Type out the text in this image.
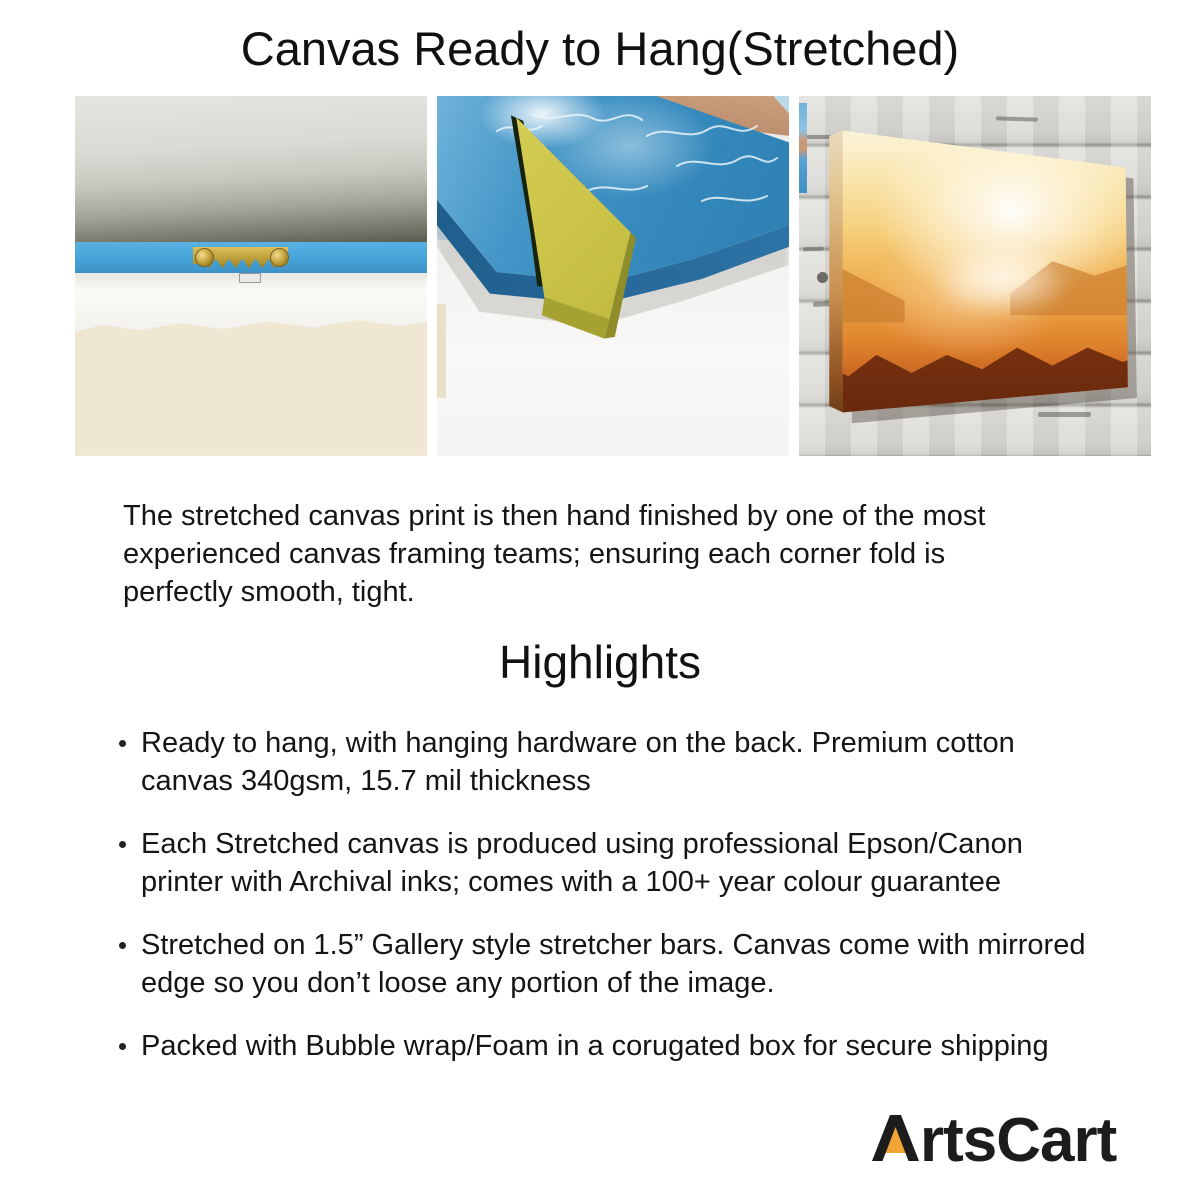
Canvas Ready to Hang(Stretched)

The stretched canvas print is then hand finished by one of the most experienced canvas framing teams; ensuring each corner fold is perfectly smooth, tight.

Highlights
Ready to hang, with hanging hardware on the back. Premium cotton canvas 340gsm, 15.7 mil thickness
Each Stretched canvas is produced using professional Epson/Canon printer with Archival inks; comes with a 100+ year colour guarantee
Stretched on 1.5” Gallery style stretcher bars. Canvas come with mirrored edge so you don’t loose any portion of the image.
Packed with Bubble wrap/Foam in a corugated box for secure shipping
rtsCart
